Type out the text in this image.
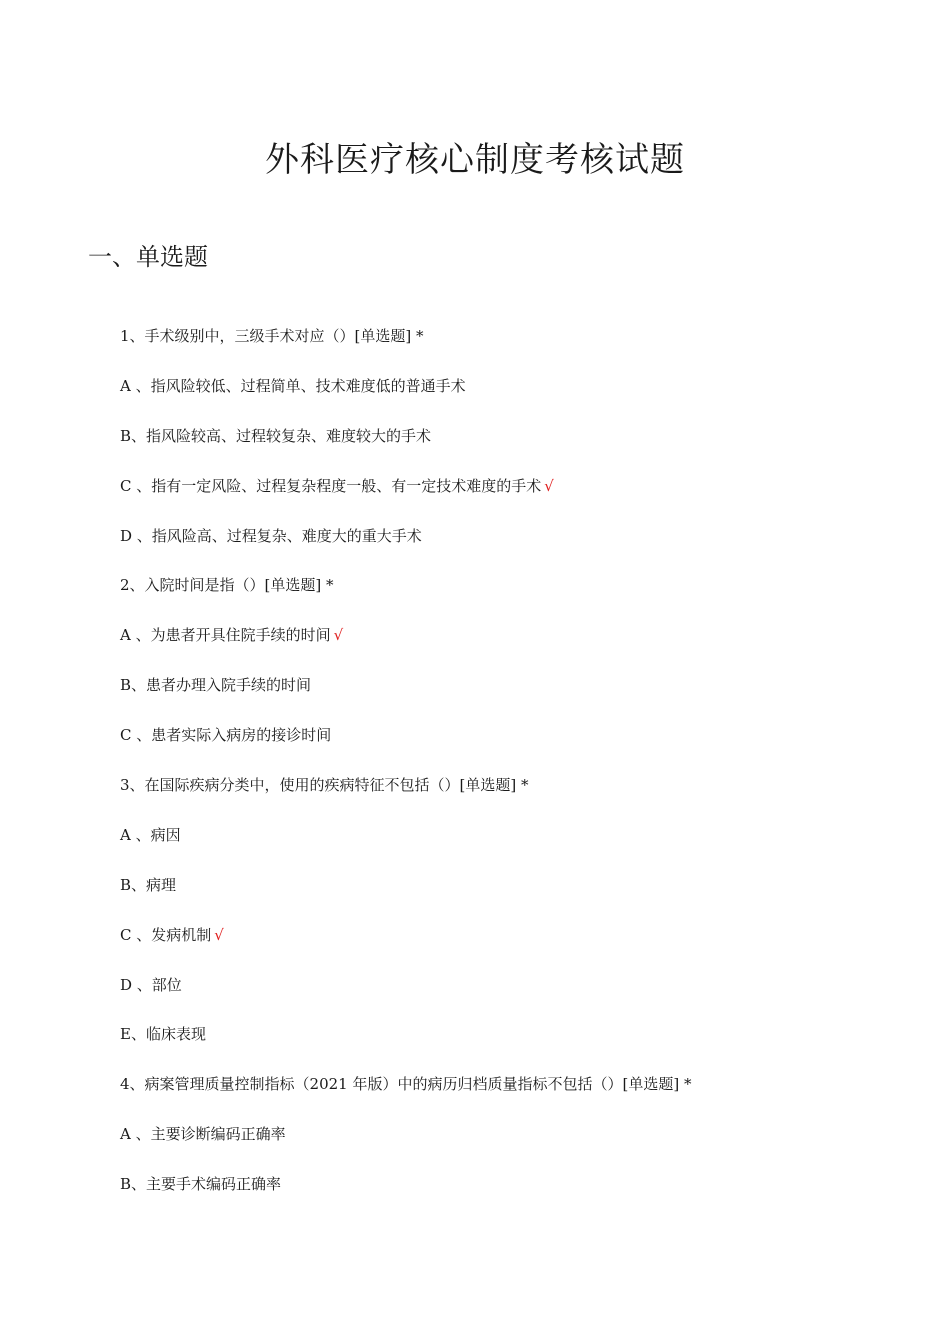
外科医疗核心制度考核试题
一、单选题
1、手术级别中，三级手术对应（）[单选题] *
A 、指风险较低、过程简单、技术难度低的普通手术
B、指风险较高、过程较复杂、难度较大的手术
C 、指有一定风险、过程复杂程度一般、有一定技术难度的手术 √
D 、指风险高、过程复杂、难度大的重大手术
2、入院时间是指（）[单选题] *
A 、为患者开具住院手续的时间 √
B、患者办理入院手续的时间
C 、患者实际入病房的接诊时间
3、在国际疾病分类中，使用的疾病特征不包括（）[单选题] *
A 、病因
B、病理
C 、发病机制 √
D 、部位
E、临床表现
4、病案管理质量控制指标（2021 年版）中的病历归档质量指标不包括（）[单选题] *
A 、主要诊断编码正确率
B、主要手术编码正确率
